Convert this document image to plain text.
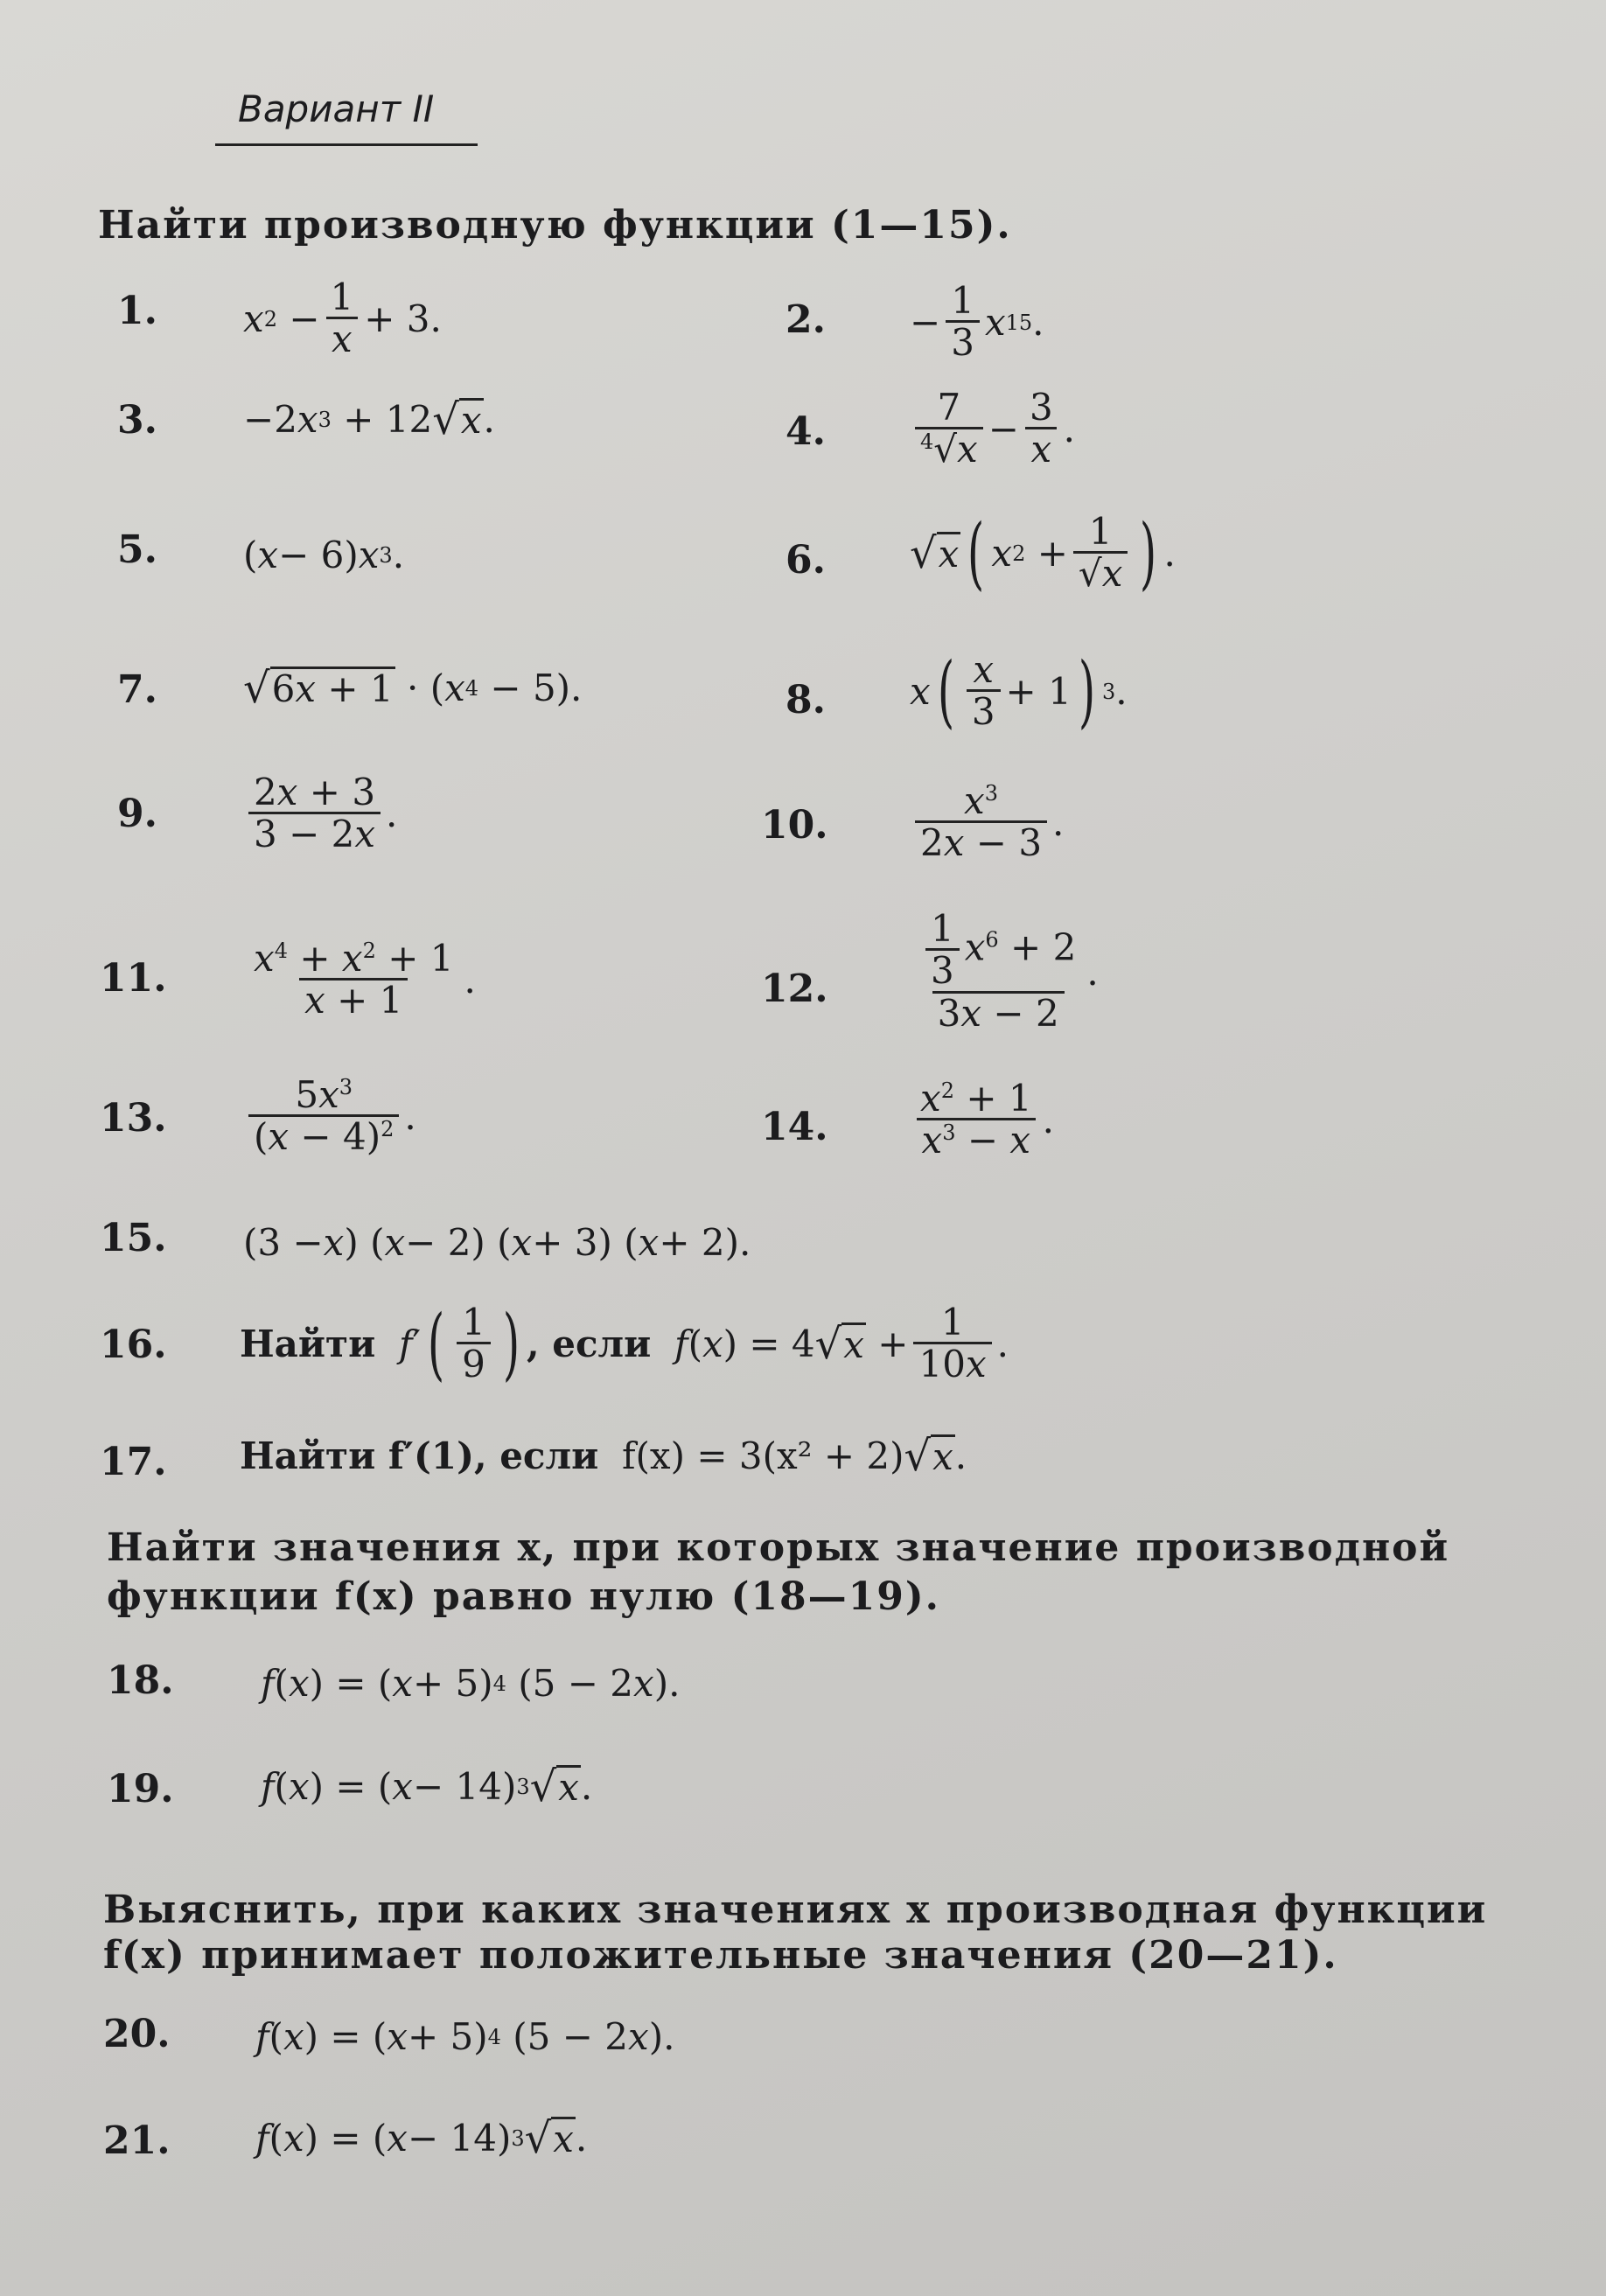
Вариант II
Найти производную функции (1—15).
1. x $2 - \frac{1}{x} + 3$.	2. − $\frac{1}{3}$ x 15 .
3. −2 x 3 + 12 √ x .	4. $\frac{7}{^4√x} - \frac{3}{x}$ .
5. ( x − 6) x 3 .	6. √ x ( x $2 + \frac{1}{√x}$ ) .
7. √ 6x + 1 · ( x 4 − 5).	8. x ( $\frac{x}{3} + 1$ ) 3 .
9. $\frac{2x + 3}{3 - 2x}$ .	10. $\frac{x^3}{2x - 3}$ .
11. $\frac{x^4 + x^2 + 1}{x + 1}$ .	12. $\frac{\frac{1}{3} x^6 + 2}{3x - 2}$ .
13. $\frac{5x^3}{(x - 4)^2}$ .	14. $\frac{x^2 + 1}{x^3 - x}$ .
15. (3 − x ) ( x − 2) ( x + 3) ( x + 2).
16. Найти
f ′ ( $\frac{1}{9}$ ) , если
f ( x ) = 4 √ $x + \frac{1}{10x}$ .
17. Найти f′(1), если
f(x) = 3(x² + 2) √ x .
Найти значения x, при которых значение производной
функции f(x) равно нулю (18—19).
18. f ( x ) = ( x + 5) 4 (5 − 2 x ).
19. f ( x ) = ( x − 14) 3 √ x .
Выяснить, при каких значениях x производная функции
f(x) принимает положительные значения (20—21).
20. f ( x ) = ( x + 5) 4 (5 − 2 x ).
21. f ( x ) = ( x − 14) 3 √ x .
